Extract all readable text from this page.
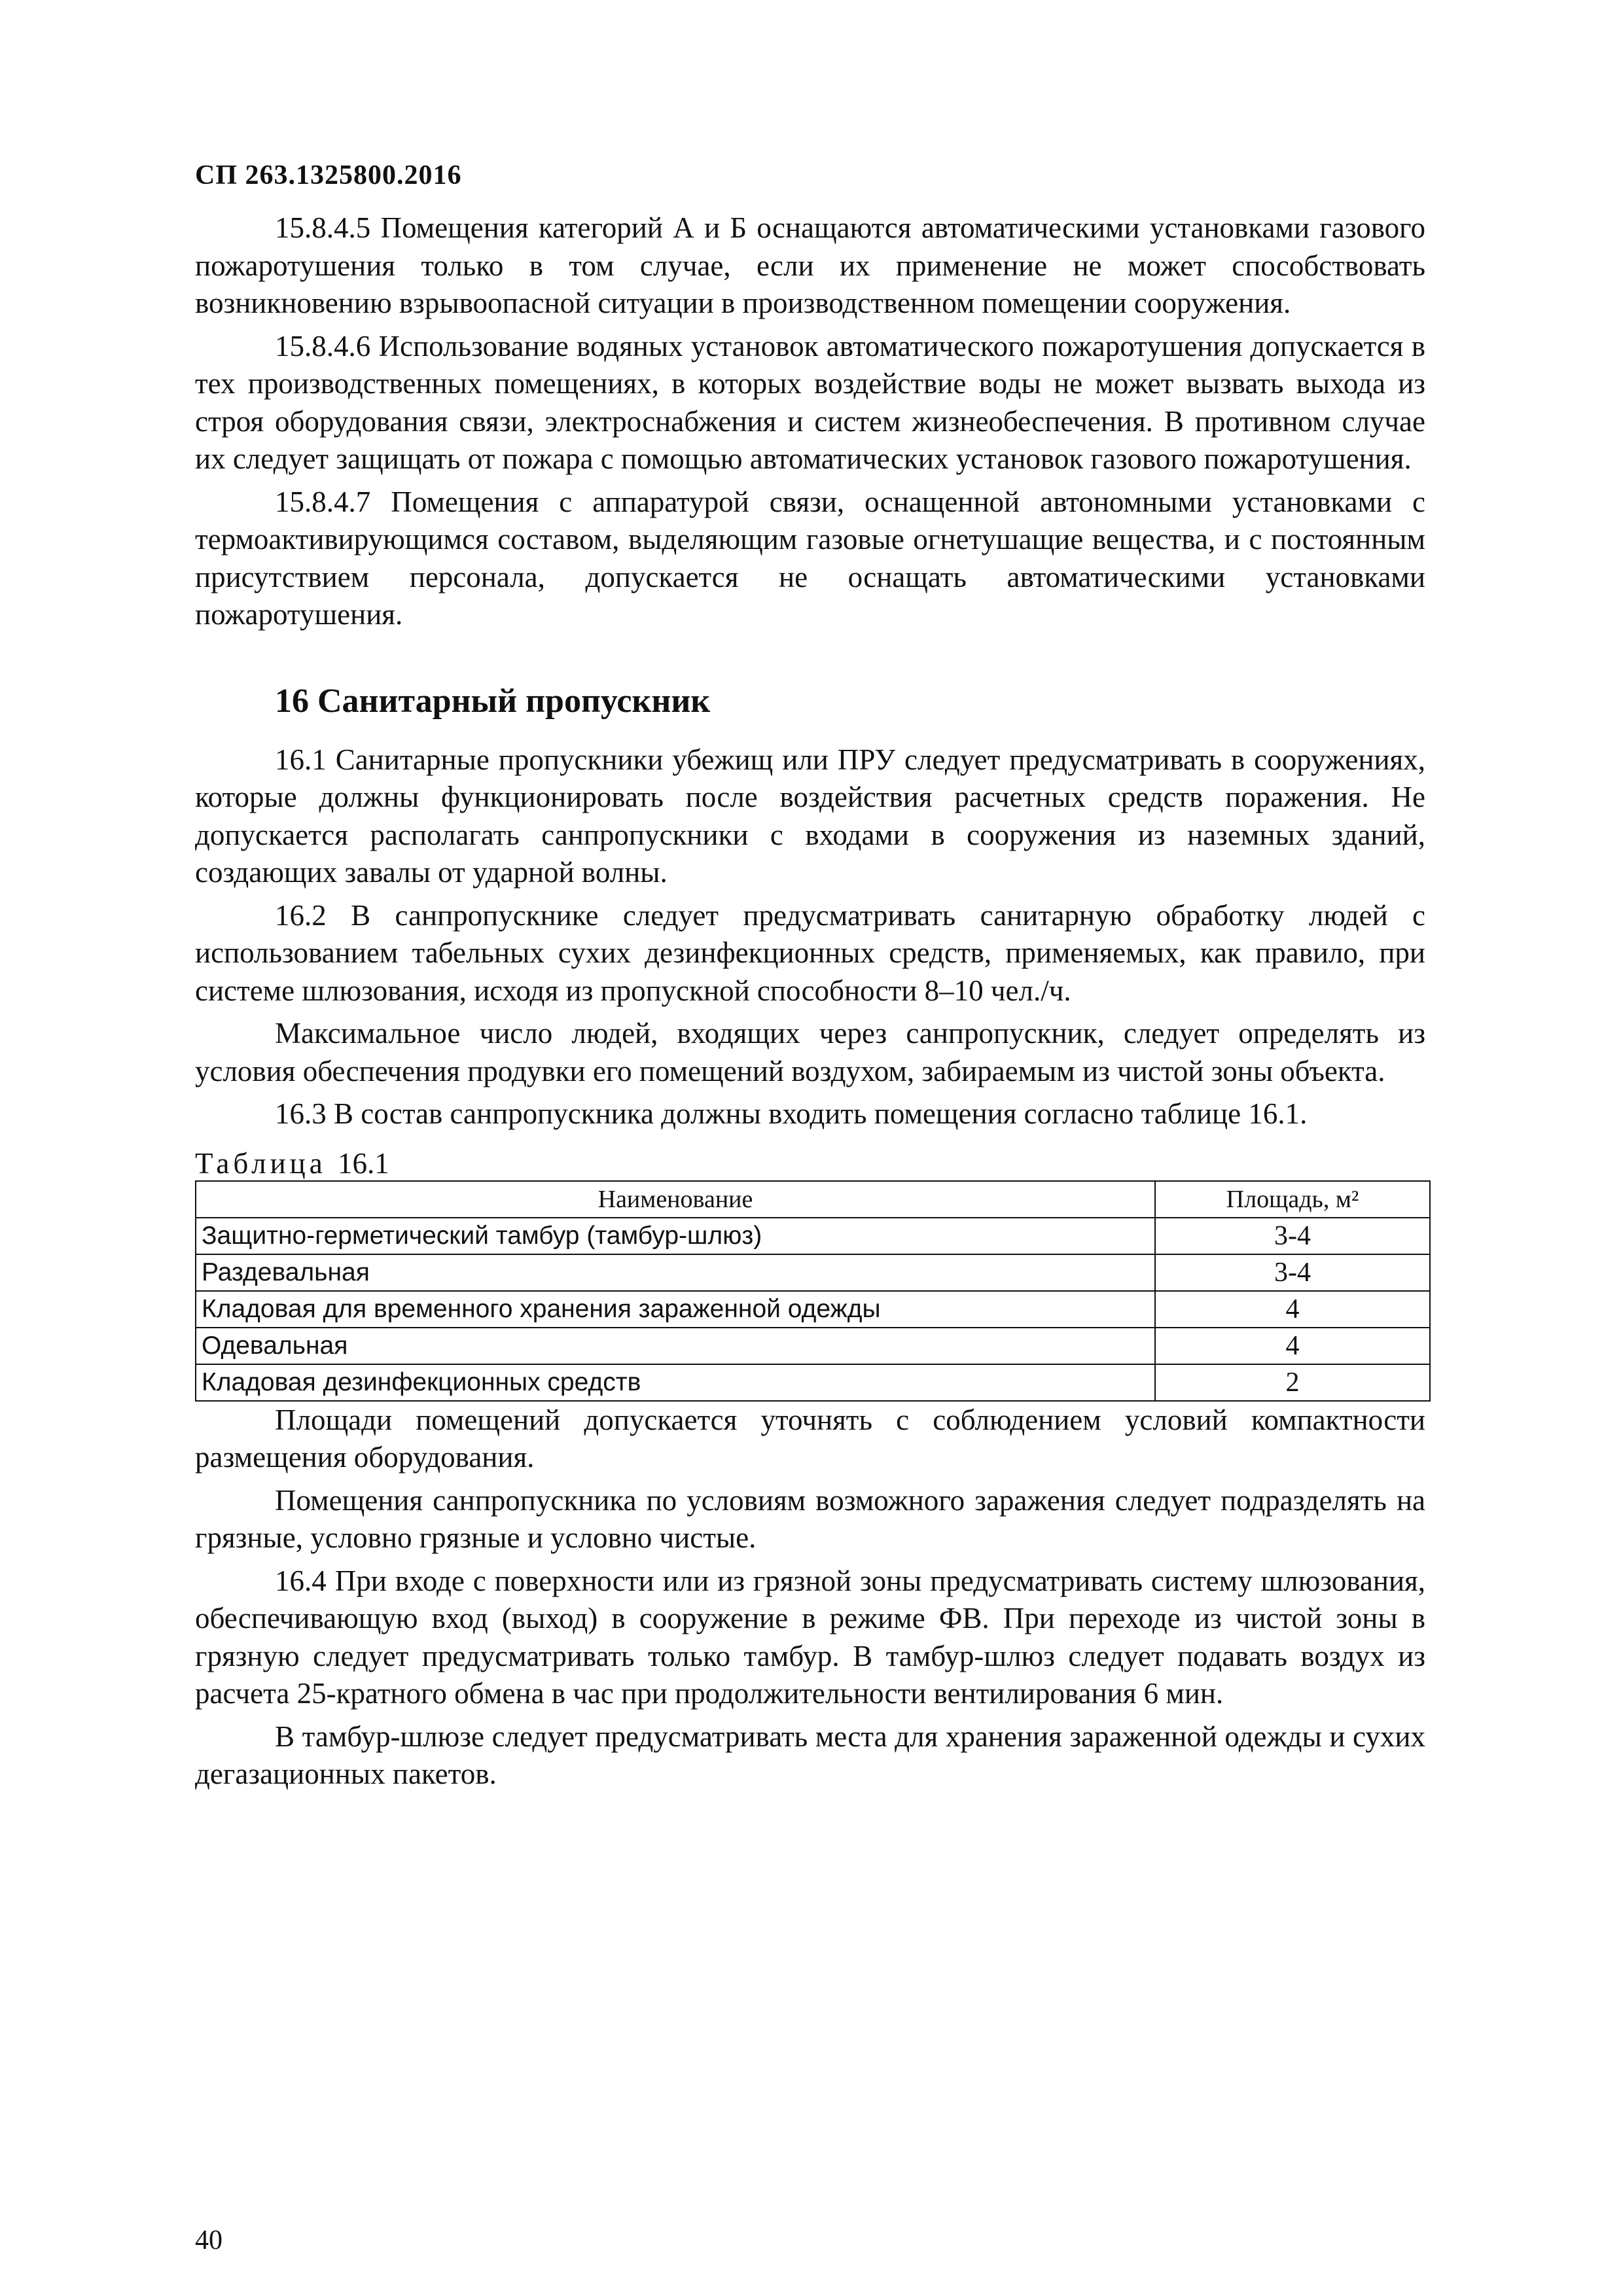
СП 263.1325800.2016

15.8.4.5 Помещения категорий А и Б оснащаются автоматическими установками газового пожаротушения только в том случае, если их применение не может способствовать возникновению взрывоопасной ситуации в производственном помещении сооружения.

15.8.4.6 Использование водяных установок автоматического пожаротушения допускается в тех производственных помещениях, в которых воздействие воды не может вызвать выхода из строя оборудования связи, электроснабжения и систем жизнеобеспечения. В противном случае их следует защищать от пожара с помощью автоматических установок газового пожаротушения.

15.8.4.7 Помещения с аппаратурой связи, оснащенной автономными установками с термоактивирующимся составом, выделяющим газовые огнетушащие вещества, и с постоянным присутствием персонала, допускается не оснащать автоматическими установками пожаротушения.

16 Санитарный пропускник

16.1 Санитарные пропускники убежищ или ПРУ следует предусматривать в сооружениях, которые должны функционировать после воздействия расчетных средств поражения. Не допускается располагать санпропускники с входами в сооружения из наземных зданий, создающих завалы от ударной волны.

16.2 В санпропускнике следует предусматривать санитарную обработку людей с использованием табельных сухих дезинфекционных средств, применяемых, как правило, при системе шлюзования, исходя из пропускной способности 8–10 чел./ч.

Максимальное число людей, входящих через санпропускник, следует определять из условия обеспечения продувки его помещений воздухом, забираемым из чистой зоны объекта.

16.3 В состав санпропускника должны входить помещения согласно таблице 16.1.

Таблица 16.1
Наименование	Площадь, м²
Защитно-герметический тамбур (тамбур-шлюз)	3-4
Раздевальная	3-4
Кладовая для временного хранения зараженной одежды	4
Одевальная	4
Кладовая дезинфекционных средств	2

Площади помещений допускается уточнять с соблюдением условий компактности размещения оборудования.

Помещения санпропускника по условиям возможного заражения следует подразделять на грязные, условно грязные и условно чистые.

16.4 При входе с поверхности или из грязной зоны предусматривать систему шлюзования, обеспечивающую вход (выход) в сооружение в режиме ФВ. При переходе из чистой зоны в грязную следует предусматривать только тамбур. В тамбур-шлюз следует подавать воздух из расчета 25-кратного обмена в час при продолжительности вентилирования 6 мин.

В тамбур-шлюзе следует предусматривать места для хранения зараженной одежды и сухих дегазационных пакетов.

40
